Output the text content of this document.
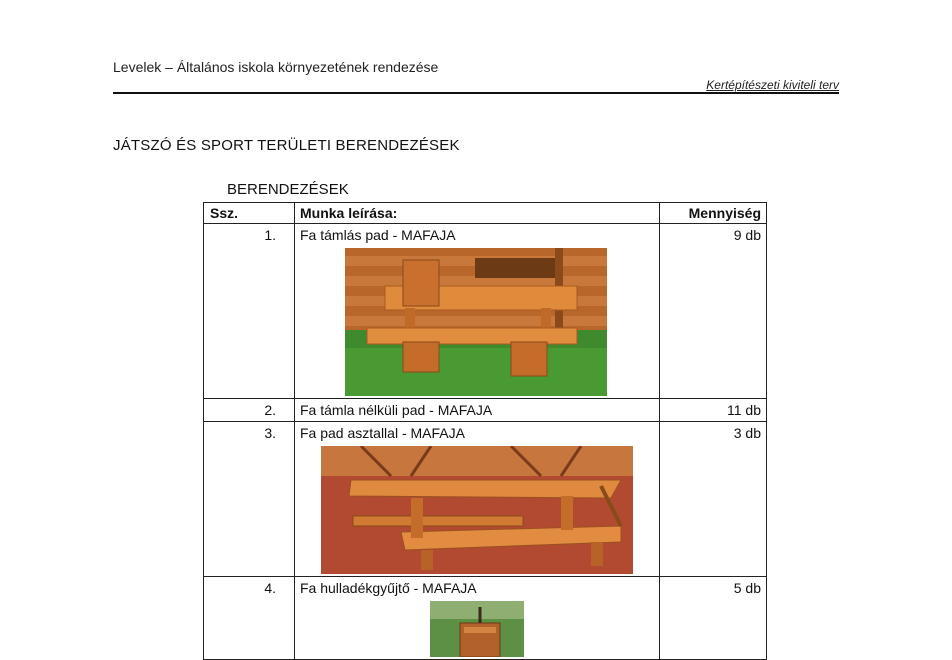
Levelek – Általános iskola környezetének rendezése
Kertépítészeti kiviteli terv
JÁTSZÓ ÉS SPORT TERÜLETI BERENDEZÉSEK
BERENDEZÉSEK
Ssz.	Munka leírása:	Mennyiség
1.	Fa támlás pad - MAFAJA	9 db
2.	Fa támla nélküli pad - MAFAJA	11 db
3.	Fa pad asztallal - MAFAJA	3 db
4.	Fa hulladékgyűjtő - MAFAJA	5 db
